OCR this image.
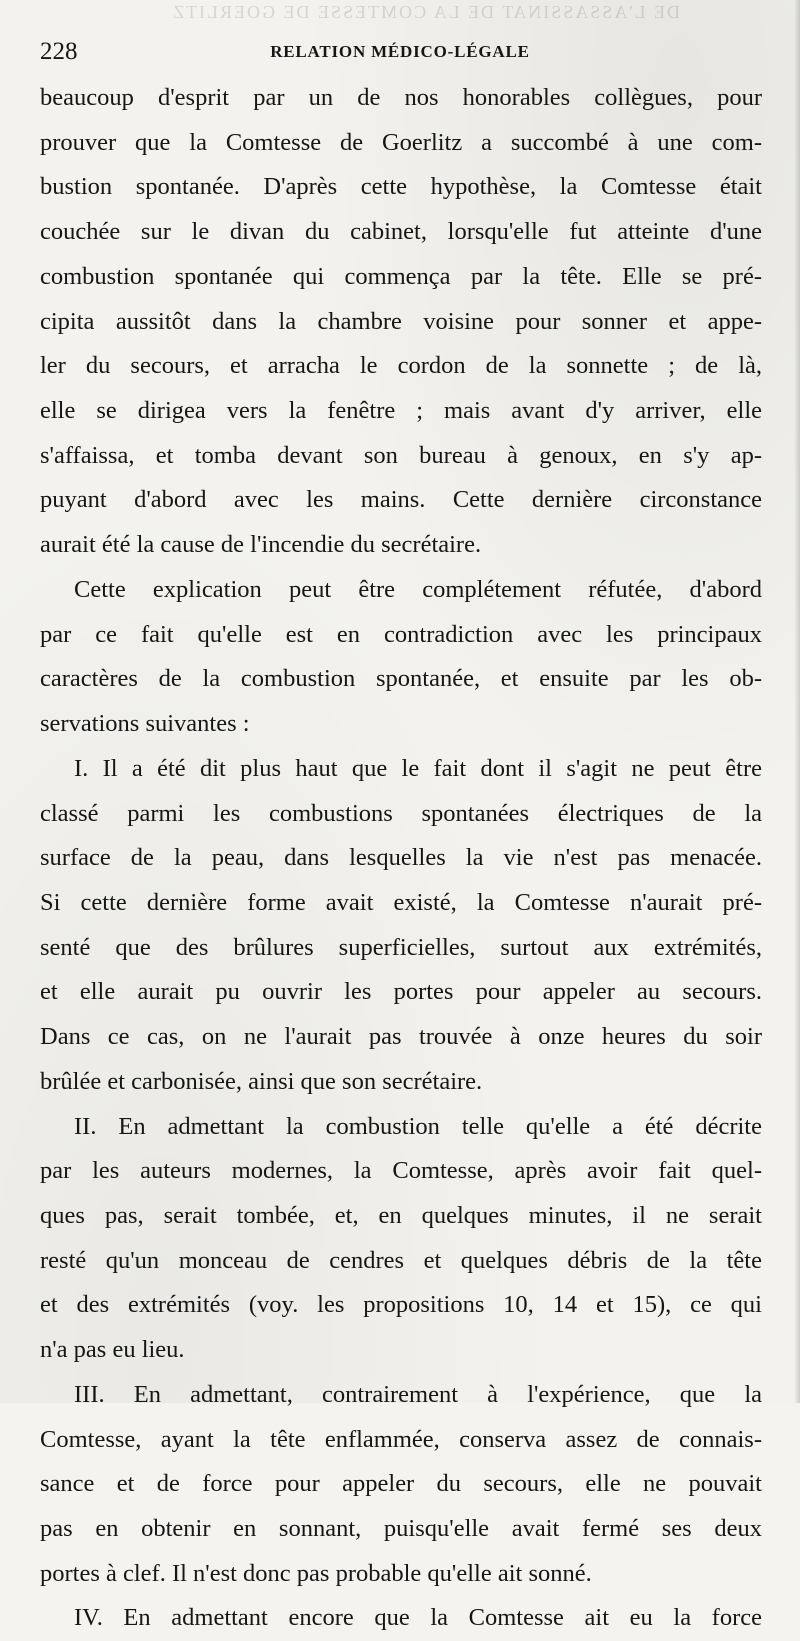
DE L'ASSASSINAT DE LA COMTESSE DE GOERLITZ
228	RELATION MÉDICO-LÉGALE
beaucoup d'esprit par un de nos honorables collègues, pour
prouver que la Comtesse de Goerlitz a succombé à une com-
bustion spontanée. D'après cette hypothèse, la Comtesse était
couchée sur le divan du cabinet, lorsqu'elle fut atteinte d'une
combustion spontanée qui commença par la tête. Elle se pré-
cipita aussitôt dans la chambre voisine pour sonner et appe-
ler du secours, et arracha le cordon de la sonnette ; de là,
elle se dirigea vers la fenêtre ; mais avant d'y arriver, elle
s'affaissa, et tomba devant son bureau à genoux, en s'y ap-
puyant d'abord avec les mains. Cette dernière circonstance
aurait été la cause de l'incendie du secrétaire.
Cette explication peut être complétement réfutée, d'abord
par ce fait qu'elle est en contradiction avec les principaux
caractères de la combustion spontanée, et ensuite par les ob-
servations suivantes :
I. Il a été dit plus haut que le fait dont il s'agit ne peut être
classé parmi les combustions spontanées électriques de la
surface de la peau, dans lesquelles la vie n'est pas menacée.
Si cette dernière forme avait existé, la Comtesse n'aurait pré-
senté que des brûlures superficielles, surtout aux extrémités,
et elle aurait pu ouvrir les portes pour appeler au secours.
Dans ce cas, on ne l'aurait pas trouvée à onze heures du soir
brûlée et carbonisée, ainsi que son secrétaire.
II. En admettant la combustion telle qu'elle a été décrite
par les auteurs modernes, la Comtesse, après avoir fait quel-
ques pas, serait tombée, et, en quelques minutes, il ne serait
resté qu'un monceau de cendres et quelques débris de la tête
et des extrémités (voy. les propositions 10, 14 et 15), ce qui
n'a pas eu lieu.
III. En admettant, contrairement à l'expérience, que la
Comtesse, ayant la tête enflammée, conserva assez de connais-
sance et de force pour appeler du secours, elle ne pouvait
pas en obtenir en sonnant, puisqu'elle avait fermé ses deux
portes à clef. Il n'est donc pas probable qu'elle ait sonné.
IV. En admettant encore que la Comtesse ait eu la force
